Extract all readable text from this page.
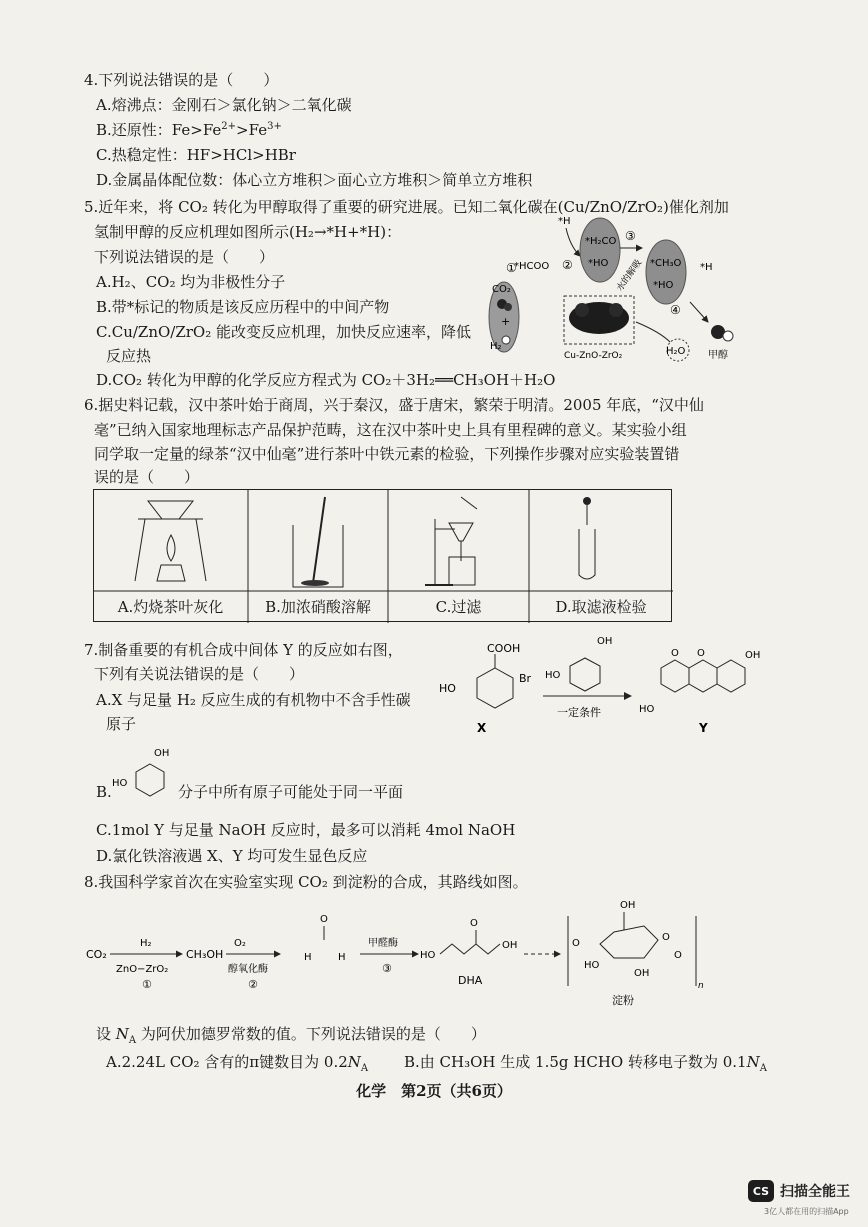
4.下列说法错误的是（　　）
A.熔沸点：金刚石＞氯化钠＞二氧化碳
B.还原性：$Fe>Fe^{2+}>Fe^{3+}$
C.热稳定性：HF>HCl>HBr
D.金属晶体配位数：体心立方堆积＞面心立方堆积＞简单立方堆积
5.近年来，将 CO₂ 转化为甲醇取得了重要的研究进展。已知二氧化碳在(Cu/ZnO/ZrO₂)催化剂加
氢制甲醇的反应机理如图所示(H₂→*H+*H)：
下列说法错误的是（　　）
A.H₂、CO₂ 均为非极性分子
B.带*标记的物质是该反应历程中的中间产物
C.Cu/ZnO/ZrO₂ 能改变反应机理，加快反应速率，降低
反应热
D.CO₂ 转化为甲醇的化学反应方程式为 CO₂＋3H₂══CH₃OH＋H₂O
CO₂
+
H₂
①
*HCOO
*H
②
*H₂CO
*HO
③
*CH₃O
*HO
水的解吸	*H
④
Cu-ZnO-ZrO₂	H₂O 甲醇
6.据史料记载，汉中茶叶始于商周，兴于秦汉，盛于唐宋，繁荣于明清。2005 年底，“汉中仙
毫”已纳入国家地理标志产品保护范畴，这在汉中茶叶史上具有里程碑的意义。某实验小组
同学取一定量的绿茶“汉中仙毫”进行茶叶中铁元素的检验，下列操作步骤对应实验装置错
误的是（　　）
A.灼烧茶叶灰化	B.加浓硝酸溶解	C.过滤	D.取滤液检验
7.制备重要的有机合成中间体 Y 的反应如右图，
下列有关说法错误的是（　　）
A.X 与足量 H₂ 反应生成的有机物中不含手性碳
原子
COOH
HO
Br
X
OH
HO
一定条件
O O	OH
HO
Y
B.
OH
HO	分子中所有原子可能处于同一平面
C.1mol Y 与足量 NaOH 反应时，最多可以消耗 4mol NaOH
D.氯化铁溶液遇 X、Y 均可发生显色反应
8.我国科学家首次在实验室实现 CO₂ 到淀粉的合成，其路线如图。
CO₂
H₂
ZnO−ZrO₂
①
CH₃OH
O₂
醇氧化酶
②
O
H	H
甲醛酶
③
HO
O
OH
DHA
OH
O
O
O
HO
OH
n
淀粉
设 $N_A$ 为阿伏加德罗常数的值。下列说法错误的是（　　）
A.2.24L CO₂ 含有的π键数目为 $0.2N_A$ B.由 CH₃OH 生成 1.5g HCHO 转移电子数为 $0.1N_A$
化学　第2页（共6页）
CS 扫描全能王
3亿人都在用的扫描App
